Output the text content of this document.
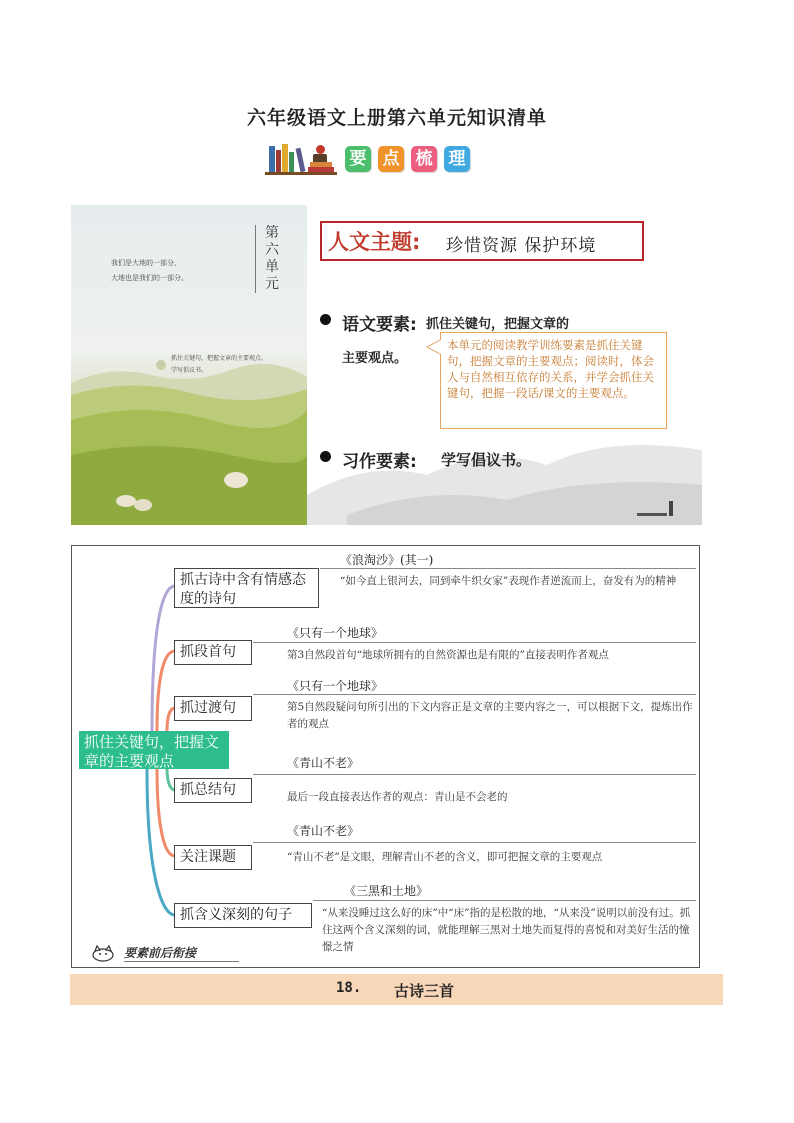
六年级语文上册第六单元知识清单
要 点 梳 理
第六单元
我们是大地的一部分，
大地也是我们的一部分。
抓住关键句，把握文章的主要观点。
学写倡议书。
人文主题: 珍惜资源 保护环境
语文要素: 抓住关键句，把握文章的
主要观点。
本单元的阅读教学训练要素是抓住关键句，把握文章的主要观点；阅读时，体会人与自然相互依存的关系，并学会抓住关键句，把握一段话/课文的主要观点。
习作要素: 学写倡议书。
抓住关键句，把握文章的主要观点
抓古诗中含有情感态度的诗句
《浪淘沙》(其一)
“如今直上银河去，同到牵牛织女家”表现作者逆流而上，奋发有为的精神
抓段首句
《只有一个地球》
第3自然段首句“地球所拥有的自然资源也是有限的”直接表明作者观点
抓过渡句
《只有一个地球》
第5自然段疑问句所引出的下文内容正是文章的主要内容之一，可以根据下文，提炼出作者的观点
抓总结句
《青山不老》
最后一段直接表达作者的观点：青山是不会老的
关注课题
《青山不老》
“青山不老”是文眼，理解青山不老的含义，即可把握文章的主要观点
抓含义深刻的句子
《三黑和土地》
“从来没睡过这么好的床”中“床”指的是松散的地，“从来没”说明以前没有过。抓住这两个含义深刻的词，就能理解三黑对土地失而复得的喜悦和对美好生活的憧憬之情
要素前后衔接
18. 古诗三首
